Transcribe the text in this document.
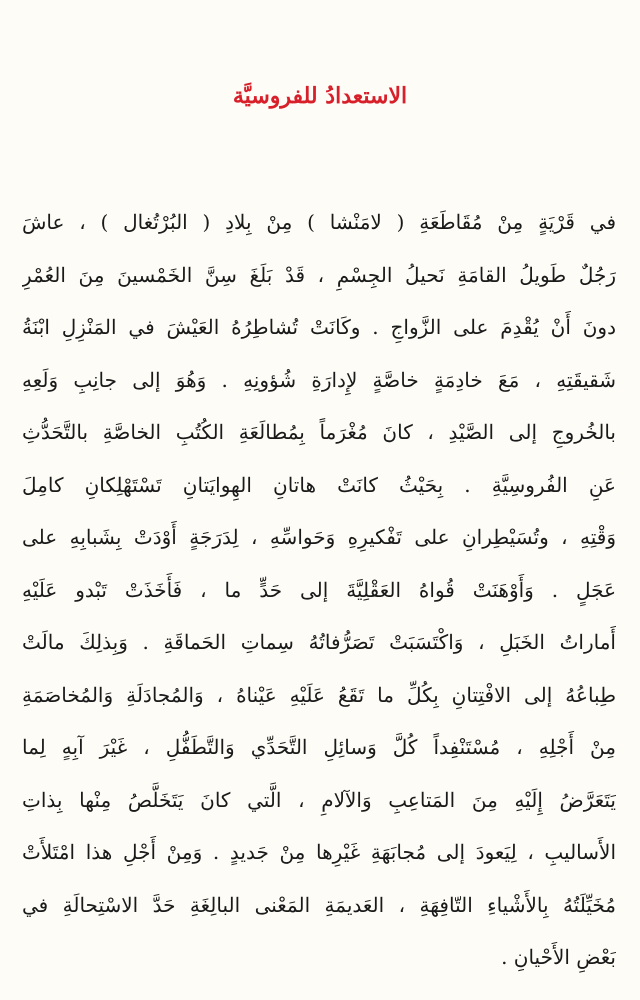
الاستعدادُ للفروسيَّة
في قَرْيَةٍ مِنْ مُقَاطَعَةِ ( لامَنْشا ) مِنْ بِلادِ ( البُرْتُغال ) ، عاشَ
رَجُلٌ طَويلُ القامَةِ نَحيلُ الجِسْمِ ، قَدْ بَلَغَ سِنَّ الخَمْسينَ مِنَ العُمْرِ
دونَ أَنْ يُقْدِمَ على الزَّواجِ . وكَانَتْ تُشاطِرُهُ العَيْشَ في المَنْزِلِ ابْنَةُ
شَقيقَتِهِ ، مَعَ خادِمَةٍ خاصَّةٍ لإِدارَةِ شُؤونِهِ . وَهُوَ إلى جانِبِ وَلَعِهِ
بالخُروجِ إلى الصَّيْدِ ، كانَ مُغْرَماً بِمُطالَعَةِ الكُتُبِ الخاصَّةِ بالتَّحَدُّثِ
عَنِ الفُروسِيَّةِ . بِحَيْثُ كانَتْ هاتانِ الهِوايَتانِ تَسْتَهْلِكانِ كامِلَ
وَقْتِهِ ، وتُسَيْطِرانِ على تَفْكيرِهِ وَحَواسِّهِ ، لِدَرَجَةٍ أَوْدَتْ بِشَبابِهِ على
عَجَلٍ . وَأَوْهَنَتْ قُواهُ العَقْلِيَّةَ إلى حَدٍّ ما ، فَأَخَذَتْ تَبْدو عَلَيْهِ
أَماراتُ الخَبَلِ ، وَاكْتَسَبَتْ تَصَرُّفاتُهُ سِماتِ الحَماقَةِ . وَبِذلِكَ مالَتْ
طِباعُهُ إلى الافْتِتانِ بِكُلِّ ما تَقَعُ عَلَيْهِ عَيْناهُ ، وَالمُجادَلَةِ وَالمُخاصَمَةِ
مِنْ أَجْلِهِ ، مُسْتَنْفِداً كُلَّ وَسائِلِ التَّحَدِّي وَالتَّطَفُّلِ ، غَيْرَ آبِهٍ لِما
يَتَعَرَّضُ إِلَيْهِ مِنَ المَتاعِبِ وَالآلامِ ، الَّتي كانَ يَتَخَلَّصُ مِنْها بِذاتِ
الأَساليبِ ، لِيَعودَ إلى مُجابَهَةِ غَيْرِها مِنْ جَديدٍ . وَمِنْ أَجْلِ هذا امْتَلأَتْ
مُخَيِّلَتُهُ بِالأَشْياءِ التّافِهَةِ ، العَديمَةِ المَعْنى البالِغَةِ حَدَّ الاسْتِحالَةِ في
بَعْضِ الأَحْيانِ .
